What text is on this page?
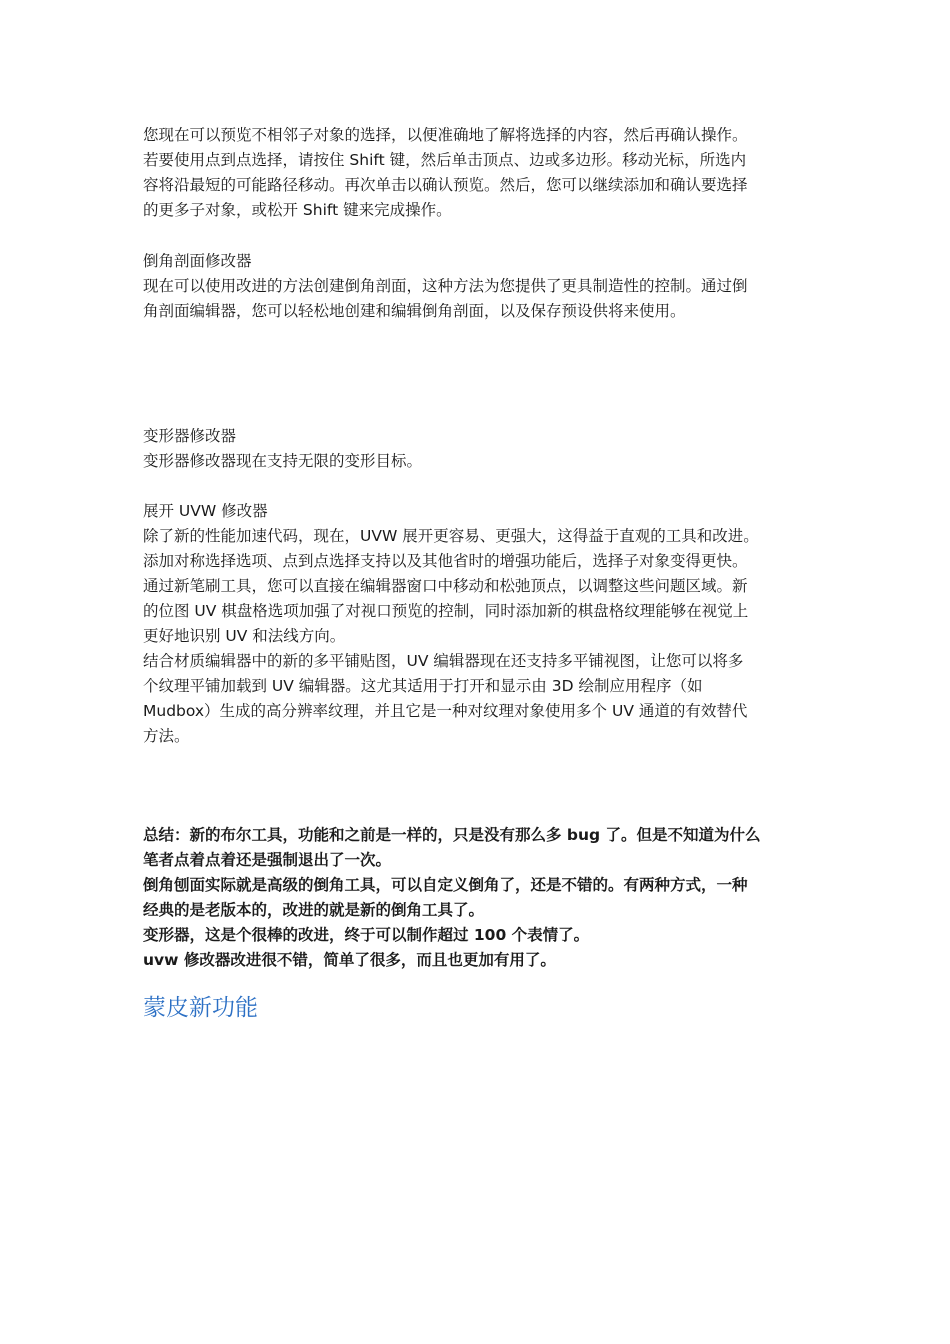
您现在可以预览不相邻子对象的选择，以便准确地了解将选择的内容，然后再确认操作。
若要使用点到点选择，请按住 Shift 键，然后单击顶点、边或多边形。移动光标，所选内
容将沿最短的可能路径移动。再次单击以确认预览。然后，您可以继续添加和确认要选择
的更多子对象，或松开 Shift 键来完成操作。
倒角剖面修改器
现在可以使用改进的方法创建倒角剖面，这种方法为您提供了更具制造性的控制。通过倒
角剖面编辑器，您可以轻松地创建和编辑倒角剖面，以及保存预设供将来使用。
变形器修改器
变形器修改器现在支持无限的变形目标。
展开 UVW 修改器
除了新的性能加速代码，现在，UVW 展开更容易、更强大，这得益于直观的工具和改进。
添加对称选择选项、点到点选择支持以及其他省时的增强功能后，选择子对象变得更快。
通过新笔刷工具，您可以直接在编辑器窗口中移动和松弛顶点，以调整这些问题区域。新
的位图 UV 棋盘格选项加强了对视口预览的控制，同时添加新的棋盘格纹理能够在视觉上
更好地识别 UV 和法线方向。
结合材质编辑器中的新的多平铺贴图，UV 编辑器现在还支持多平铺视图，让您可以将多
个纹理平铺加载到 UV 编辑器。这尤其适用于打开和显示由 3D 绘制应用程序（如
Mudbox）生成的高分辨率纹理，并且它是一种对纹理对象使用多个 UV 通道的有效替代
方法。
总结：新的布尔工具，功能和之前是一样的，只是没有那么多 bug 了。但是不知道为什么
笔者点着点着还是强制退出了一次。
倒角刨面实际就是高级的倒角工具，可以自定义倒角了，还是不错的。有两种方式，一种
经典的是老版本的，改进的就是新的倒角工具了。
变形器，这是个很棒的改进，终于可以制作超过 100 个表情了。
uvw 修改器改进很不错，简单了很多，而且也更加有用了。
蒙皮新功能
